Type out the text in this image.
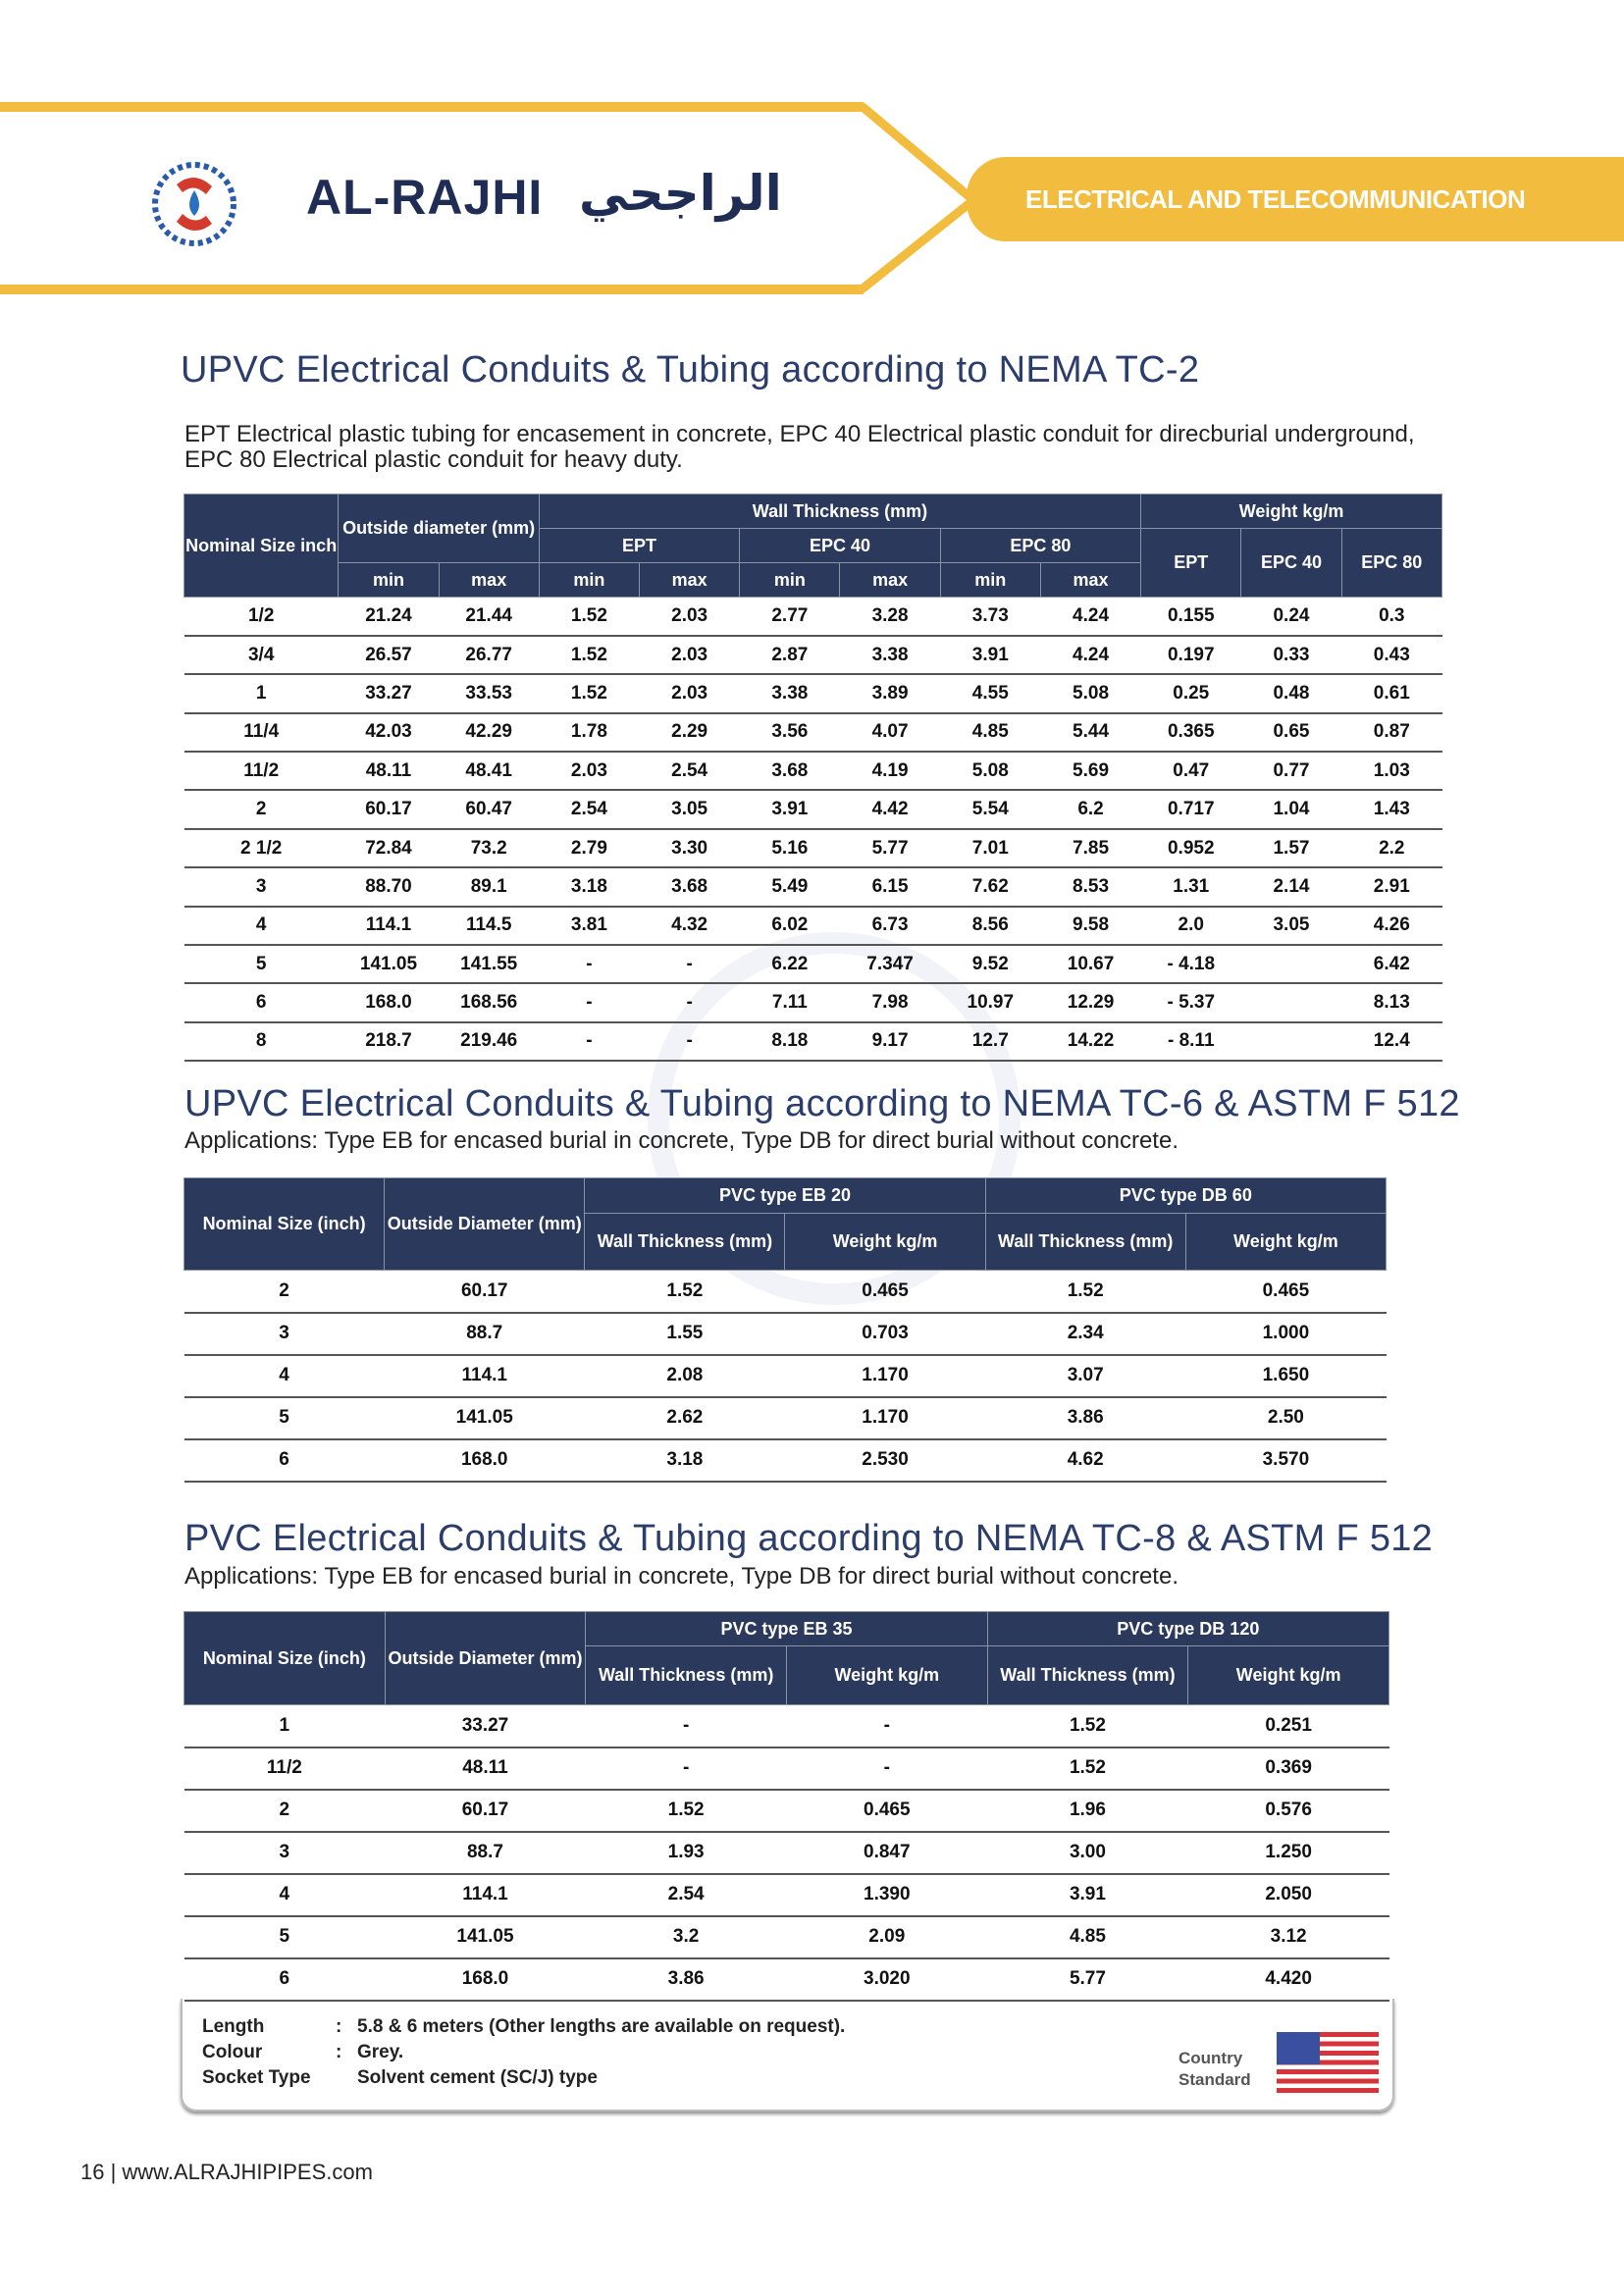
ELECTRICAL AND TELECOMMUNICATION
AL-RAJHI الراجحي
UPVC Electrical Conduits & Tubing according to NEMA TC-2
EPT Electrical plastic tubing for encasement in concrete, EPC 40 Electrical plastic conduit for direcburial underground, EPC 80 Electrical plastic conduit for heavy duty.
Nominal Size inch	Outside diameter (mm)		Wall Thickness (mm)						Weight kg/m		
			EPT		EPC 40		EPC 80		EPT	EPC 40	EPC 80
	min	max	min	max	min	max	min	max			
1/2	21.24	21.44	1.52	2.03	2.77	3.28	3.73	4.24	0.155	0.24	0.3
3/4	26.57	26.77	1.52	2.03	2.87	3.38	3.91	4.24	0.197	0.33	0.43
1	33.27	33.53	1.52	2.03	3.38	3.89	4.55	5.08	0.25	0.48	0.61
11/4	42.03	42.29	1.78	2.29	3.56	4.07	4.85	5.44	0.365	0.65	0.87
11/2	48.11	48.41	2.03	2.54	3.68	4.19	5.08	5.69	0.47	0.77	1.03
2	60.17	60.47	2.54	3.05	3.91	4.42	5.54	6.2	0.717	1.04	1.43
2 1/2	72.84	73.2	2.79	3.30	5.16	5.77	7.01	7.85	0.952	1.57	2.2
3	88.70	89.1	3.18	3.68	5.49	6.15	7.62	8.53	1.31	2.14	2.91
4	114.1	114.5	3.81	4.32	6.02	6.73	8.56	9.58	2.0	3.05	4.26
5	141.05	141.55	-	-	6.22	7.347	9.52	10.67	- 4.18		6.42
6	168.0	168.56	-	-	7.11	7.98	10.97	12.29	- 5.37		8.13
8	218.7	219.46	-	-	8.18	9.17	12.7	14.22	- 8.11		12.4
UPVC Electrical Conduits & Tubing according to NEMA TC-6 & ASTM F 512
Applications: Type EB for encased burial in concrete, Type DB for direct burial without concrete.
Nominal Size (inch)	Outside Diameter (mm)	PVC type EB 20		PVC type DB 60	
		Wall Thickness (mm)	Weight kg/m	Wall Thickness (mm)	Weight kg/m
2	60.17	1.52	0.465	1.52	0.465
3	88.7	1.55	0.703	2.34	1.000
4	114.1	2.08	1.170	3.07	1.650
5	141.05	2.62	1.170	3.86	2.50
6	168.0	3.18	2.530	4.62	3.570
PVC Electrical Conduits & Tubing according to NEMA TC-8 & ASTM F 512
Applications: Type EB for encased burial in concrete, Type DB for direct burial without concrete.
Nominal Size (inch)	Outside Diameter (mm)	PVC type EB 35		PVC type DB 120	
		Wall Thickness (mm)	Weight kg/m	Wall Thickness (mm)	Weight kg/m
1	33.27	-	-	1.52	0.251
11/2	48.11	-	-	1.52	0.369
2	60.17	1.52	0.465	1.96	0.576
3	88.7	1.93	0.847	3.00	1.250
4	114.1	2.54	1.390	3.91	2.050
5	141.05	3.2	2.09	4.85	3.12
6	168.0	3.86	3.020	5.77	4.420
Length	: 5.8 & 6 meters (Other lengths are available on request).
Colour	: Grey.
Socket Type Solvent cement (SC/J) type
Country
Standard
16 | www.ALRAJHIPIPES.com
